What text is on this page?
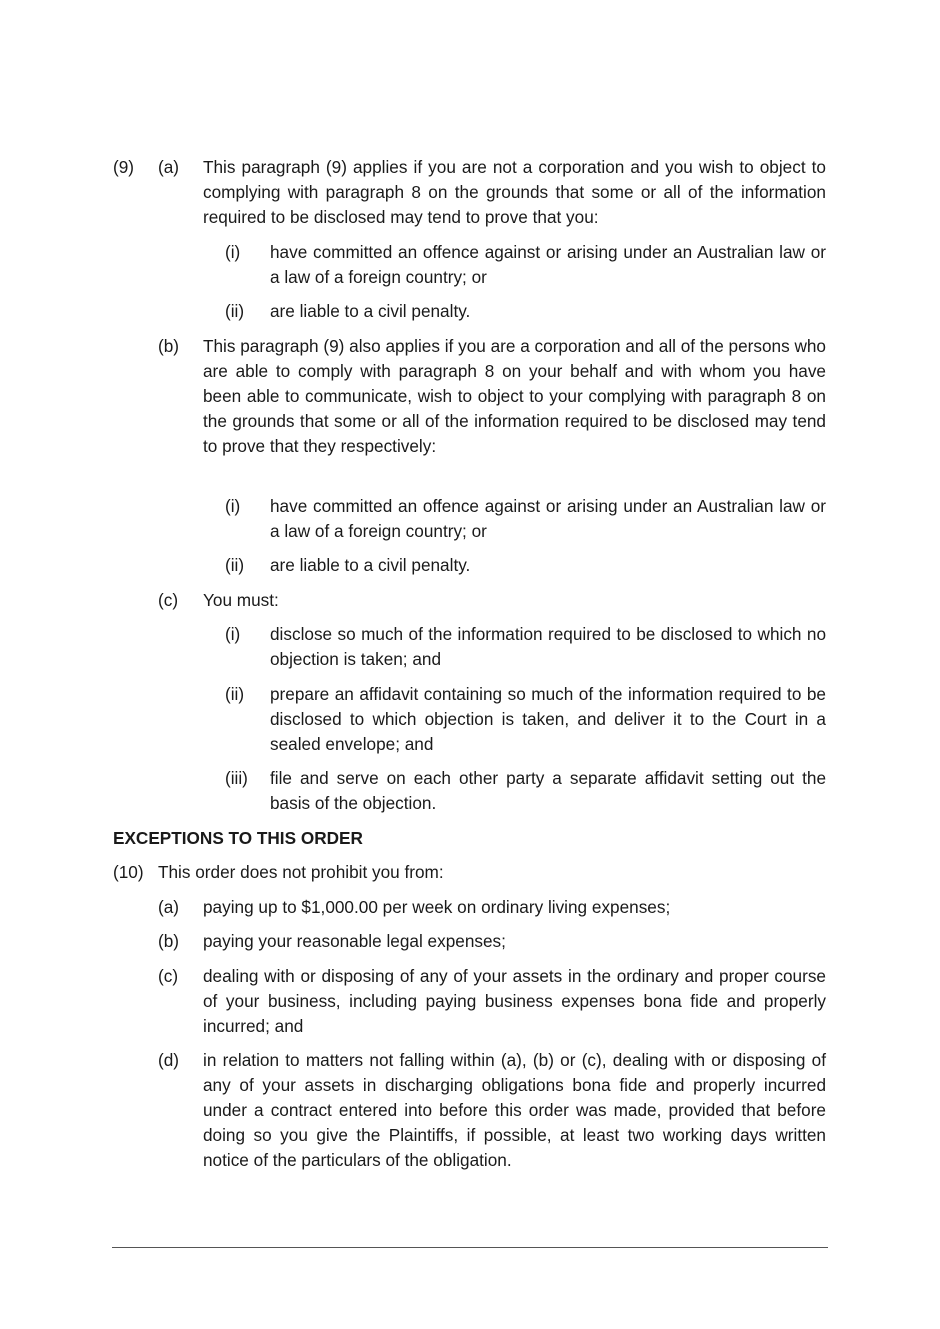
(9)	(a)	This paragraph (9) applies if you are not a corporation and you wish to object to complying with paragraph 8 on the grounds that some or all of the information required to be disclosed may tend to prove that you:
(i)	have committed an offence against or arising under an Australian law or a law of a foreign country; or
(ii)	are liable to a civil penalty.
(b)	This paragraph (9) also applies if you are a corporation and all of the persons who are able to comply with paragraph 8 on your behalf and with whom you have been able to communicate, wish to object to your complying with paragraph 8 on the grounds that some or all of the information required to be disclosed may tend to prove that they respectively:
(i)	have committed an offence against or arising under an Australian law or a law of a foreign country; or
(ii)	are liable to a civil penalty.
(c)	You must:
(i)	disclose so much of the information required to be disclosed to which no objection is taken; and
(ii)	prepare an affidavit containing so much of the information required to be disclosed to which objection is taken, and deliver it to the Court in a sealed envelope; and
(iii)	file and serve on each other party a separate affidavit setting out the basis of the objection.
EXCEPTIONS TO THIS ORDER
(10) This order does not prohibit you from:
(a)	paying up to $1,000.00 per week on ordinary living expenses;
(b)	paying your reasonable legal expenses;
(c)	dealing with or disposing of any of your assets in the ordinary and proper course of your business, including paying business expenses bona fide and properly incurred; and
(d)	in relation to matters not falling within (a), (b) or (c), dealing with or disposing of any of your assets in discharging obligations bona fide and properly incurred under a contract entered into before this order was made, provided that before doing so you give the Plaintiffs, if possible, at least two working days written notice of the particulars of the obligation.
